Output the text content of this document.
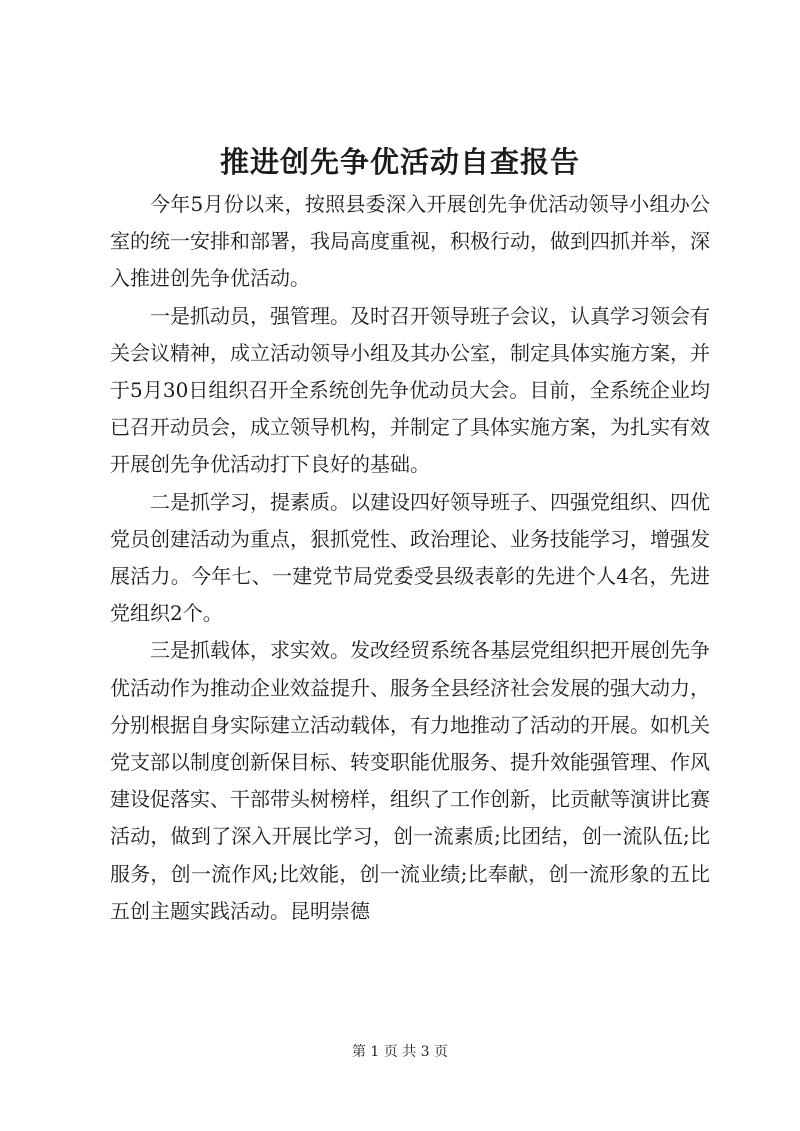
推进创先争优活动自查报告

今年5月份以来，按照县委深入开展创先争优活动领导小组办公室的统一安排和部署，我局高度重视，积极行动，做到四抓并举，深入推进创先争优活动。

一是抓动员，强管理。及时召开领导班子会议，认真学习领会有关会议精神，成立活动领导小组及其办公室，制定具体实施方案，并于5月30日组织召开全系统创先争优动员大会。目前，全系统企业均已召开动员会，成立领导机构，并制定了具体实施方案，为扎实有效开展创先争优活动打下良好的基础。

二是抓学习，提素质。以建设四好领导班子、四强党组织、四优党员创建活动为重点，狠抓党性、政治理论、业务技能学习，增强发展活力。今年七、一建党节局党委受县级表彰的先进个人4名，先进党组织2个。

三是抓载体，求实效。发改经贸系统各基层党组织把开展创先争优活动作为推动企业效益提升、服务全县经济社会发展的强大动力，分别根据自身实际建立活动载体，有力地推动了活动的开展。如机关党支部以制度创新保目标、转变职能优服务、提升效能强管理、作风建设促落实、干部带头树榜样，组织了工作创新，比贡献等演讲比赛活动，做到了深入开展比学习，创一流素质;比团结，创一流队伍;比服务，创一流作风;比效能，创一流业绩;比奉献，创一流形象的五比五创主题实践活动。昆明崇德

第 1 页 共 3 页
